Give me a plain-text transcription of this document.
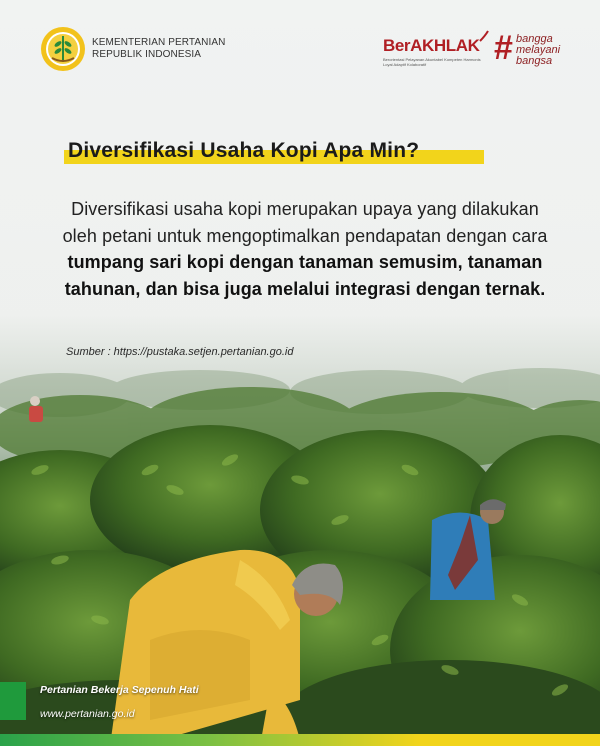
KEMENTERIAN PERTANIAN
REPUBLIK INDONESIA	BerAKHLAK
Berorientasi Pelayanan Akuntabel Kompeten Harmonis Loyal Adaptif Kolaboratif	# bangga
melayani
bangsa
Diversifikasi Usaha Kopi Apa Min?
Diversifikasi usaha kopi merupakan upaya yang dilakukan oleh petani untuk mengoptimalkan pendapatan dengan cara tumpang sari kopi dengan tanaman semusim, tanaman tahunan, dan bisa juga melalui integrasi dengan ternak.
Sumber : https://pustaka.setjen.pertanian.go.id
Pertanian Bekerja Sepenuh Hati
www.pertanian.go.id
